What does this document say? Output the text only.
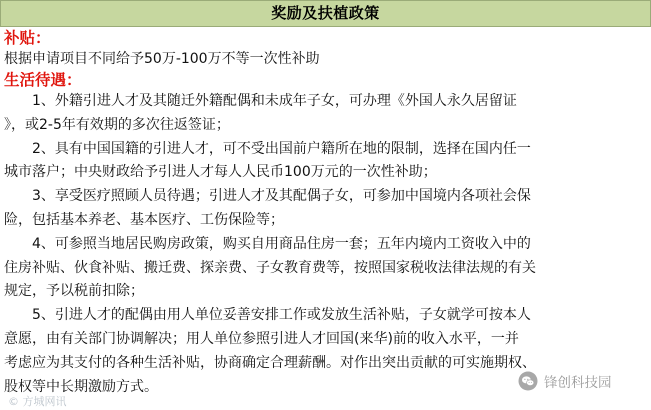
奖励及扶植政策
补贴：
根据申请项目不同给予50万-100万不等一次性补助
生活待遇：
1、外籍引进人才及其随迁外籍配偶和未成年子女，可办理《外国人永久居留证
》，或2-5年有效期的多次往返签证；
2、具有中国国籍的引进人才，可不受出国前户籍所在地的限制，选择在国内任一
城市落户；中央财政给予引进人才每人人民币100万元的一次性补助；
3、享受医疗照顾人员待遇；引进人才及其配偶子女，可参加中国境内各项社会保
险，包括基本养老、基本医疗、工伤保险等；
4、可参照当地居民购房政策，购买自用商品住房一套；五年内境内工资收入中的
住房补贴、伙食补贴、搬迁费、探亲费、子女教育费等，按照国家税收法律法规的有关
规定，予以税前扣除；
5、引进人才的配偶由用人单位妥善安排工作或发放生活补贴，子女就学可按本人
意愿，由有关部门协调解决；用人单位参照引进人才回国(来华)前的收入水平，一并
考虑应为其支付的各种生活补贴，协商确定合理薪酬。对作出突出贡献的可实施期权、
股权等中长期激励方式。
© 方城网讯
锋创科技园
